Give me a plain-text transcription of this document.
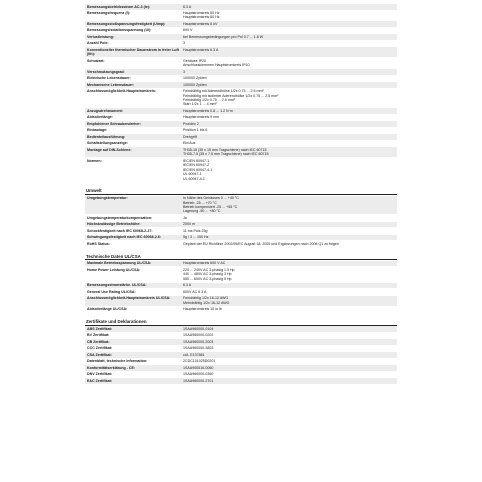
Bemessungsbetriebsstrom AC-3 (Ie):	6.3 A

Bemessungsfrequenz (f):	Hauptstromkreis 50 Hz
Hauptstromkreis 60 Hz

Bemessungsstoßspannungsfestigkeit (Uimp):	Hauptstromkreis 6 kV

Bemessungsisolationsspannung (Ui):	690 V

Verlustleistung:	bei Bemessungsbedingungen pro Pol 0.7 ... 1.8 W

Anzahl Pole:	3

Konventioneller thermischer Dauerstrom in freier Luft (Ith):	Hauptstromkreis 6.3 A

Schutzart:	Gehäuse IP20
Anschlussklemmen Hauptstromkreis IP10

Verschmutzungsgrad:	3

Elektrische Lebensdauer:	100000 Zyklen

Mechanische Lebensdauer:	100000 Zyklen

Anschlussmöglichkeit-Hauptstromkreis:	Feindrähtig mit Aderendhülse 1/2x 0.75 ... 2.5 mm²
Feindrähtig mit isolierter Aderendhülse 1/2x 0.75 ... 2.5 mm²
Feindrähtig 1/2x 0.75 ... 2.5 mm²
Starr 1/2x 1 ... 4 mm²

Anzugsdrehmoment:	Hauptstromkreis 0.8 ... 1.2 N·m

Abisolierlänge:	Hauptstromkreis 9 mm

Empfohlener Schraubendreher:	Pozidriv 2

Einbaulage:	Position 1 bis 6

Bedienteilausführung:	Drehgriff

Schaltstellungsanzeige:	Ein/Aus

Montage auf DIN-Schiene:	TH35-15 (35 x 15 mm Tragschiene) nach IEC 60715
TH35-7.5 (35 x 7.5 mm Tragschiene) nach IEC 60715

Normen:	IEC/EN 60947-1
IEC/EN 60947-2
IEC/EN 60947-4-1
UL 60947-1
UL 60947-4-1
Umwelt
Umgebungstemperatur:	In Nähe des Gehäuses 0 ... +40 °C
Betrieb -25 ... +70 °C
Betrieb kompensiert -25 ... +55 °C
Lagerung -50 ... +80 °C

Umgebungstemperaturkompensation:	Ja

Höchstzulässige Betriebshöhe:	2000 m

Schockfestigkeit nach IEC 60068-2-27:	11 ms Puls 25g

Schwingungsfestigkeit nach IEC 60068-2-6:	5g / 3 ... 150 Hz

RoHS Status:	Geplant der EU Richtlinie 2002/95/EC August 18, 2005 und Ergänzungen nach 2008 Q1 zu folgen
Technische Daten UL/CSA
Maximale Betriebsspannung UL/CSA:	Hauptstromkreis 600 V AC

Home Power Leistung UL/CSA:	220 ... 240V AC 3-phasig 1.5 Hp
440 ... 480V AC 3-phasig 3 Hp
550 ... 600V AC 3-phasig 5 Hp

Bemessungsstromstärke. UL/CSA:	6.3 A

General Use Rating UL/CSA:	600V AC 6.3 A

Anschlussmöglichkeit-Hauptstromkreis UL/CSA:	Feindrähtig 1/2x 16-12 AWG
Mehrdrähtig 1/2x 16-12 AWG

Abisolierlänge UL/CSA:	Hauptstromkreis 10 in lb
Zertifikate und Deklarationen
ABS Zertifikat:	1SAA960000-0104

BV Zertifikat:	1SAA960000-0202

CB Zertifikat:	1SAA960000-2003

CCC Zertifikat:	1SAA960000-3803

CSA Zertifikat:	cUL E137861

Datenblatt, technische Information:	2CDC101025D0201

Konformitätserklärung - CE:	1SAA900516-0060

DNV Zertifikat:	1SAA960000-0360

EAC Zertifikat:	1SAA960000-2701
